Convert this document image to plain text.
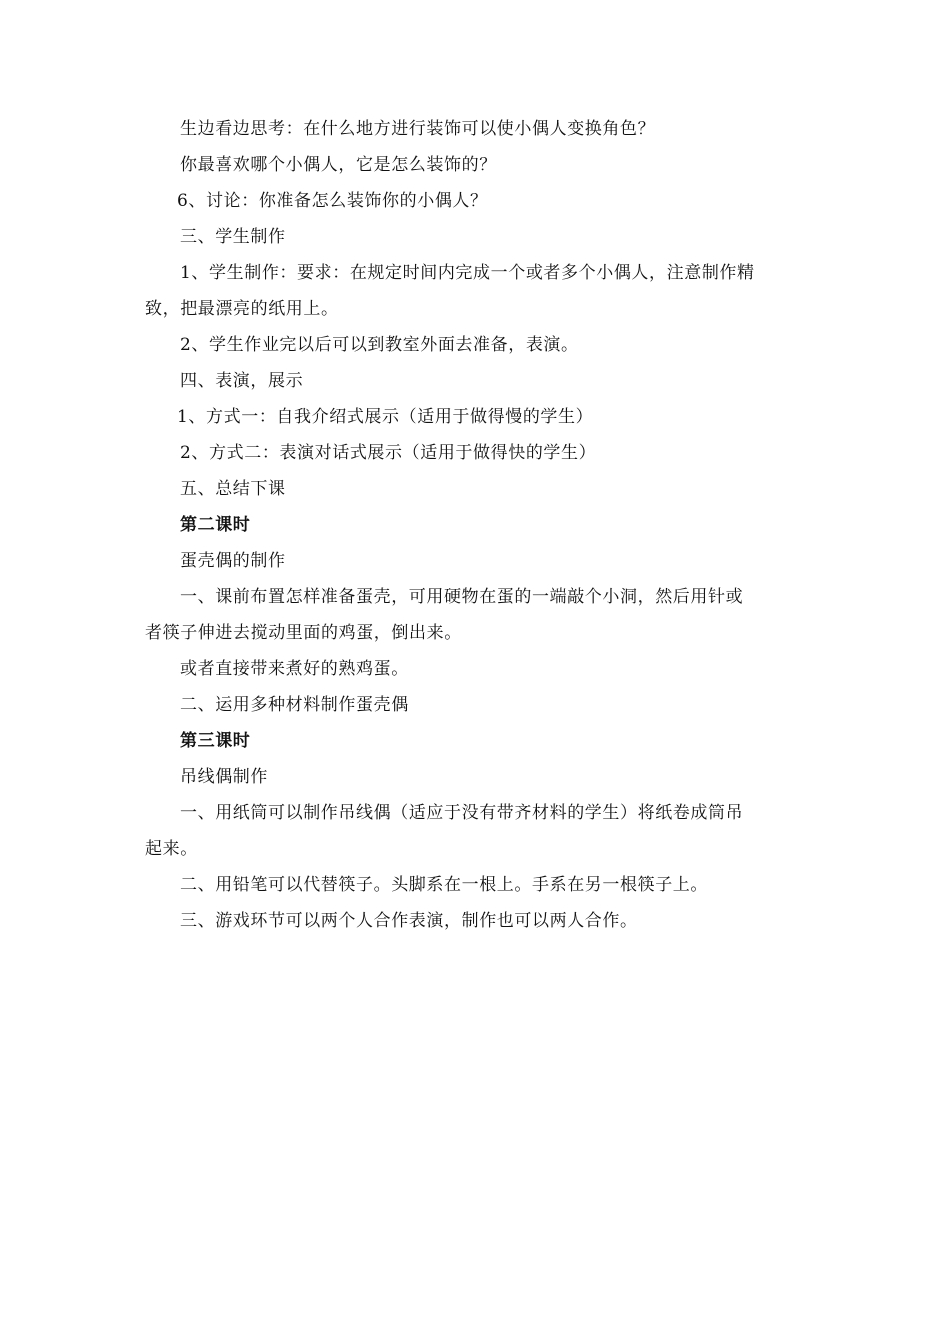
生边看边思考：在什么地方进行装饰可以使小偶人变换角色？
你最喜欢哪个小偶人，它是怎么装饰的？
6、讨论：你准备怎么装饰你的小偶人？
三、学生制作
1、学生制作：要求：在规定时间内完成一个或者多个小偶人，注意制作精
致，把最漂亮的纸用上。
2、学生作业完以后可以到教室外面去准备，表演。
四、表演，展示
1、方式一：自我介绍式展示（适用于做得慢的学生）
2、方式二：表演对话式展示（适用于做得快的学生）
五、总结下课
第二课时
蛋壳偶的制作
一、课前布置怎样准备蛋壳，可用硬物在蛋的一端敲个小洞，然后用针或
者筷子伸进去搅动里面的鸡蛋，倒出来。
或者直接带来煮好的熟鸡蛋。
二、运用多种材料制作蛋壳偶
第三课时
吊线偶制作
一、用纸筒可以制作吊线偶（适应于没有带齐材料的学生）将纸卷成筒吊
起来。
二、用铅笔可以代替筷子。头脚系在一根上。手系在另一根筷子上。
三、游戏环节可以两个人合作表演，制作也可以两人合作。
